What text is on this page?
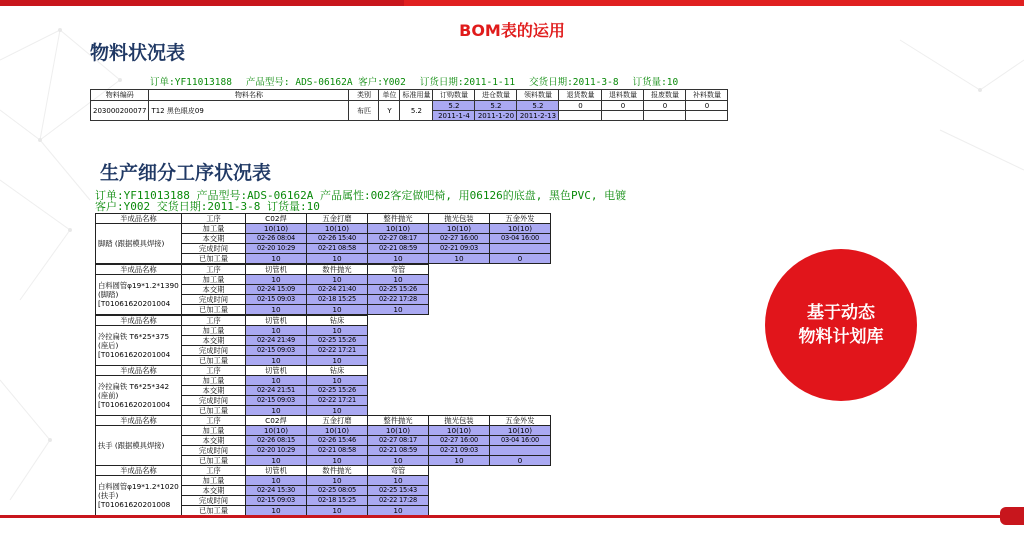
BOM表的运用
物料状况表
订单:YF11013188 产品型号: ADS-06162A 客户:Y002 订货日期:2011-1-11 交货日期:2011-3-8 订货量:10
物料编码	物料名称	类别	单位	标准用量	订购数量	进仓数量	领料数量	退货数量	退料数量	报废数量	补料数量
203000200077	T12 黑色眼皮09	布匹	Y	5.2	5.2	5.2	5.2	0	0	0	0
					2011-1-4	2011-1-20	2011-2-13				
生产细分工序状况表
订单:YF11013188 产品型号:ADS-06162A 产品属性:002客定做吧椅, 用06126的底盘, 黑色PVC, 电镀
客户:Y002 交货日期:2011-3-8 订货量:10
半成品名称	工序	C02焊	五金打磨	整件抛光	抛光包装	五金外发
脚踏 (跟据模具焊接)	加工量	10(10)	10(10)	10(10)	10(10)	10(10)
	本交期	02-26 08:04	02-26 15:40	02-27 08:17	02-27 16:00	03-04 16:00
	完成时间	02-20 10:29	02-21 08:58	02-21 08:59	02-21 09:03	
	已加工量	10	10	10	10	0
半成品名称	工序	切管机	数件抛光	弯管
白料圆管φ19*1.2*1390 (脚踏) [T01061620201004	加工量	10	10	10
	本交期	02-24 15:09	02-24 21:40	02-25 15:26
	完成时间	02-15 09:03	02-18 15:25	02-22 17:28
	已加工量	10	10	10
半成品名称	工序	切管机	钻床
冷拉扁铁 T6*25*375 (座后) [T01061620201004	加工量	10	10
	本交期	02-24 21:49	02-25 15:26
	完成时间	02-15 09:03	02-22 17:21
	已加工量	10	10
半成品名称	工序	切管机	钻床
冷拉扁铁 T6*25*342 (座前) [T01061620201004	加工量	10	10
	本交期	02-24 21:51	02-25 15:26
	完成时间	02-15 09:03	02-22 17:21
	已加工量	10	10
半成品名称	工序	C02焊	五金打磨	整件抛光	抛光包装	五金外发
扶手 (跟据模具焊接)	加工量	10(10)	10(10)	10(10)	10(10)	10(10)
	本交期	02-26 08:15	02-26 15:46	02-27 08:17	02-27 16:00	03-04 16:00
	完成时间	02-20 10:29	02-21 08:58	02-21 08:59	02-21 09:03	
	已加工量	10	10	10	10	0
半成品名称	工序	切管机	数件抛光	弯管
白料圆管φ19*1.2*1020 (扶手) [T01061620201008	加工量	10	10	10
	本交期	02-24 15:30	02-25 08:05	02-25 15:43
	完成时间	02-15 09:03	02-18 15:25	02-22 17:28
	已加工量	10	10	10
基于动态
物料计划库
